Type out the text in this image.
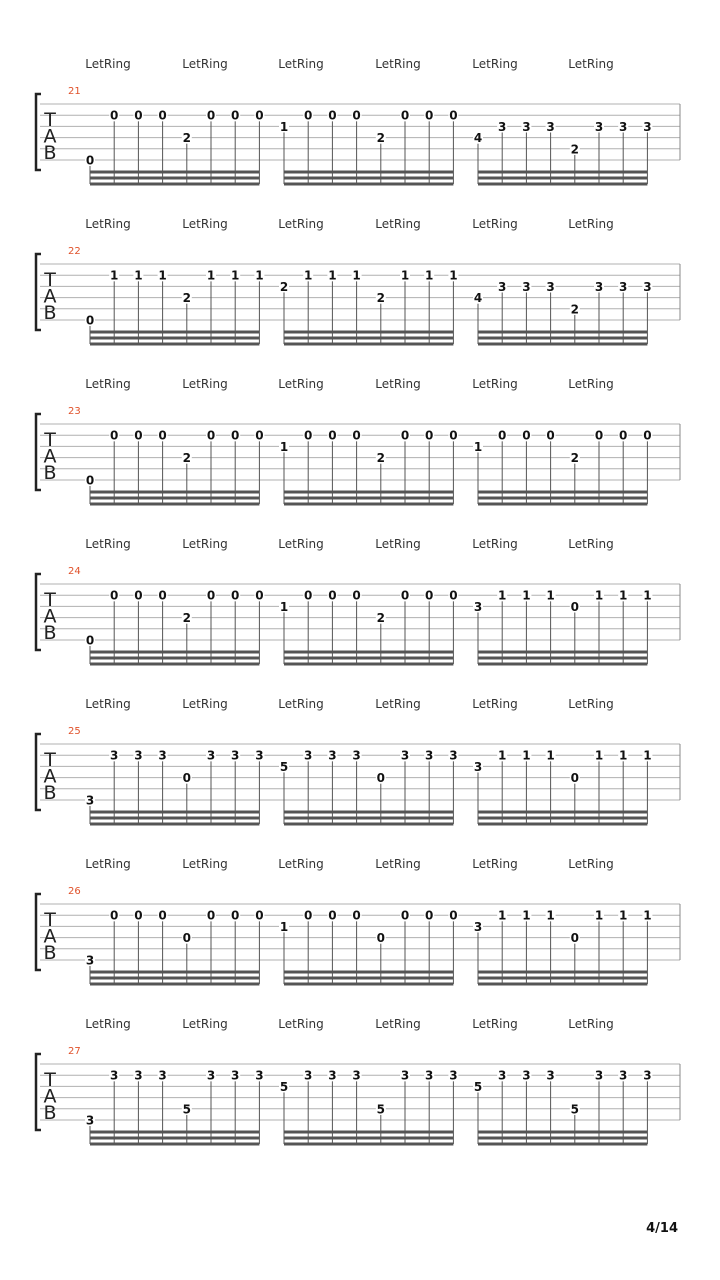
LetRing	LetRing	LetRing	LetRing	LetRing	LetRing
21
T
A
B 0
0 0 0
2
0 0 0
1
0 0 0
2
0 0 0
4
3 3 3
2
3 3 3
LetRing	LetRing	LetRing	LetRing	LetRing	LetRing
22
T
A
B 0
1 1 1
2
1 1 1
2
1 1 1
2
1 1 1
4
3 3 3
2
3 3 3
LetRing	LetRing	LetRing	LetRing	LetRing	LetRing
23
T
A
B 0
0 0 0
2
0 0 0
1
0 0 0
2
0 0 0
1
0 0 0
2
0 0 0
LetRing	LetRing	LetRing	LetRing	LetRing	LetRing
24
T
A
B 0
0 0 0
2
0 0 0
1
0 0 0
2
0 0 0
3
1 1 1
0
1 1 1
LetRing	LetRing	LetRing	LetRing	LetRing	LetRing
25
T
A
B 3
3 3 3
0
3 3 3
5
3 3 3
0
3 3 3
3
1 1 1
0
1 1 1
LetRing	LetRing	LetRing	LetRing	LetRing	LetRing
26
T
A
B 3
0 0 0
0
0 0 0
1
0 0 0
0
0 0 0
3
1 1 1
0
1 1 1
LetRing	LetRing	LetRing	LetRing	LetRing	LetRing
27
T
A
B 3
3 3 3
5
3 3 3
5
3 3 3
5
3 3 3
5
3 3 3
5
3 3 3
4/14
